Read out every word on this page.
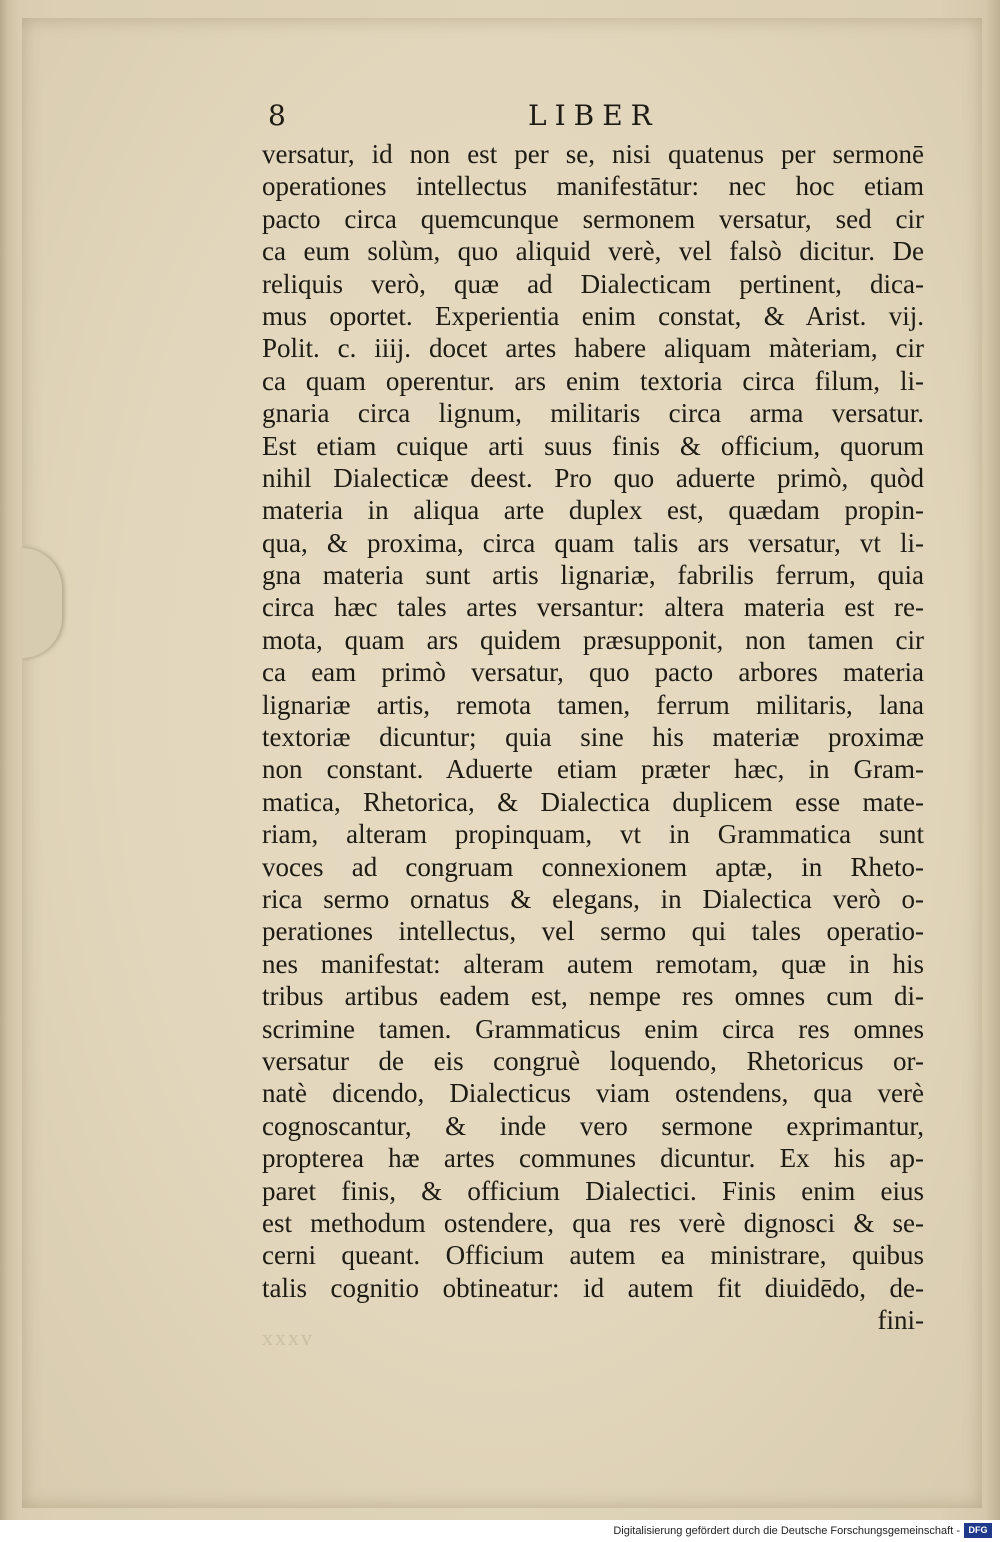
8	LIBER
versatur, id non est per se, nisi quatenus per sermonē
operationes intellectus manifestātur: nec hoc etiam
pacto circa quemcunque sermonem versatur, sed cir
ca eum solùm, quo aliquid verè, vel falsò dicitur. De
reliquis verò, quæ ad Dialecticam pertinent, dica-
mus oportet. Experientia enim constat, & Arist. vij.
Polit. c. iiij. docet artes habere aliquam màteriam, cir
ca quam operentur. ars enim textoria circa filum, li-
gnaria circa lignum, militaris circa arma versatur.
Est etiam cuique arti suus finis & officium, quorum
nihil Dialecticæ deest. Pro quo aduerte primò, quòd
materia in aliqua arte duplex est, quædam propin-
qua, & proxima, circa quam talis ars versatur, vt li-
gna materia sunt artis lignariæ, fabrilis ferrum, quia
circa hæc tales artes versantur: altera materia est re-
mota, quam ars quidem præsupponit, non tamen cir
ca eam primò versatur, quo pacto arbores materia
lignariæ artis, remota tamen, ferrum militaris, lana
textoriæ dicuntur; quia sine his materiæ proximæ
non constant. Aduerte etiam præter hæc, in Gram-
matica, Rhetorica, & Dialectica duplicem esse mate-
riam, alteram propinquam, vt in Grammatica sunt
voces ad congruam connexionem aptæ, in Rheto-
rica sermo ornatus & elegans, in Dialectica verò o-
perationes intellectus, vel sermo qui tales operatio-
nes manifestat: alteram autem remotam, quæ in his
tribus artibus eadem est, nempe res omnes cum di-
scrimine tamen. Grammaticus enim circa res omnes
versatur de eis congruè loquendo, Rhetoricus or-
natè dicendo, Dialecticus viam ostendens, qua verè
cognoscantur, & inde vero sermone exprimantur,
propterea hæ artes communes dicuntur. Ex his ap-
paret finis, & officium Dialectici. Finis enim eius
est methodum ostendere, qua res verè dignosci & se-
cerni queant. Officium autem ea ministrare, quibus
talis cognitio obtineatur: id autem fit diuidēdo, de-
fini-
xxxv
Digitalisierung gefördert durch die Deutsche Forschungsgemeinschaft - DFG
